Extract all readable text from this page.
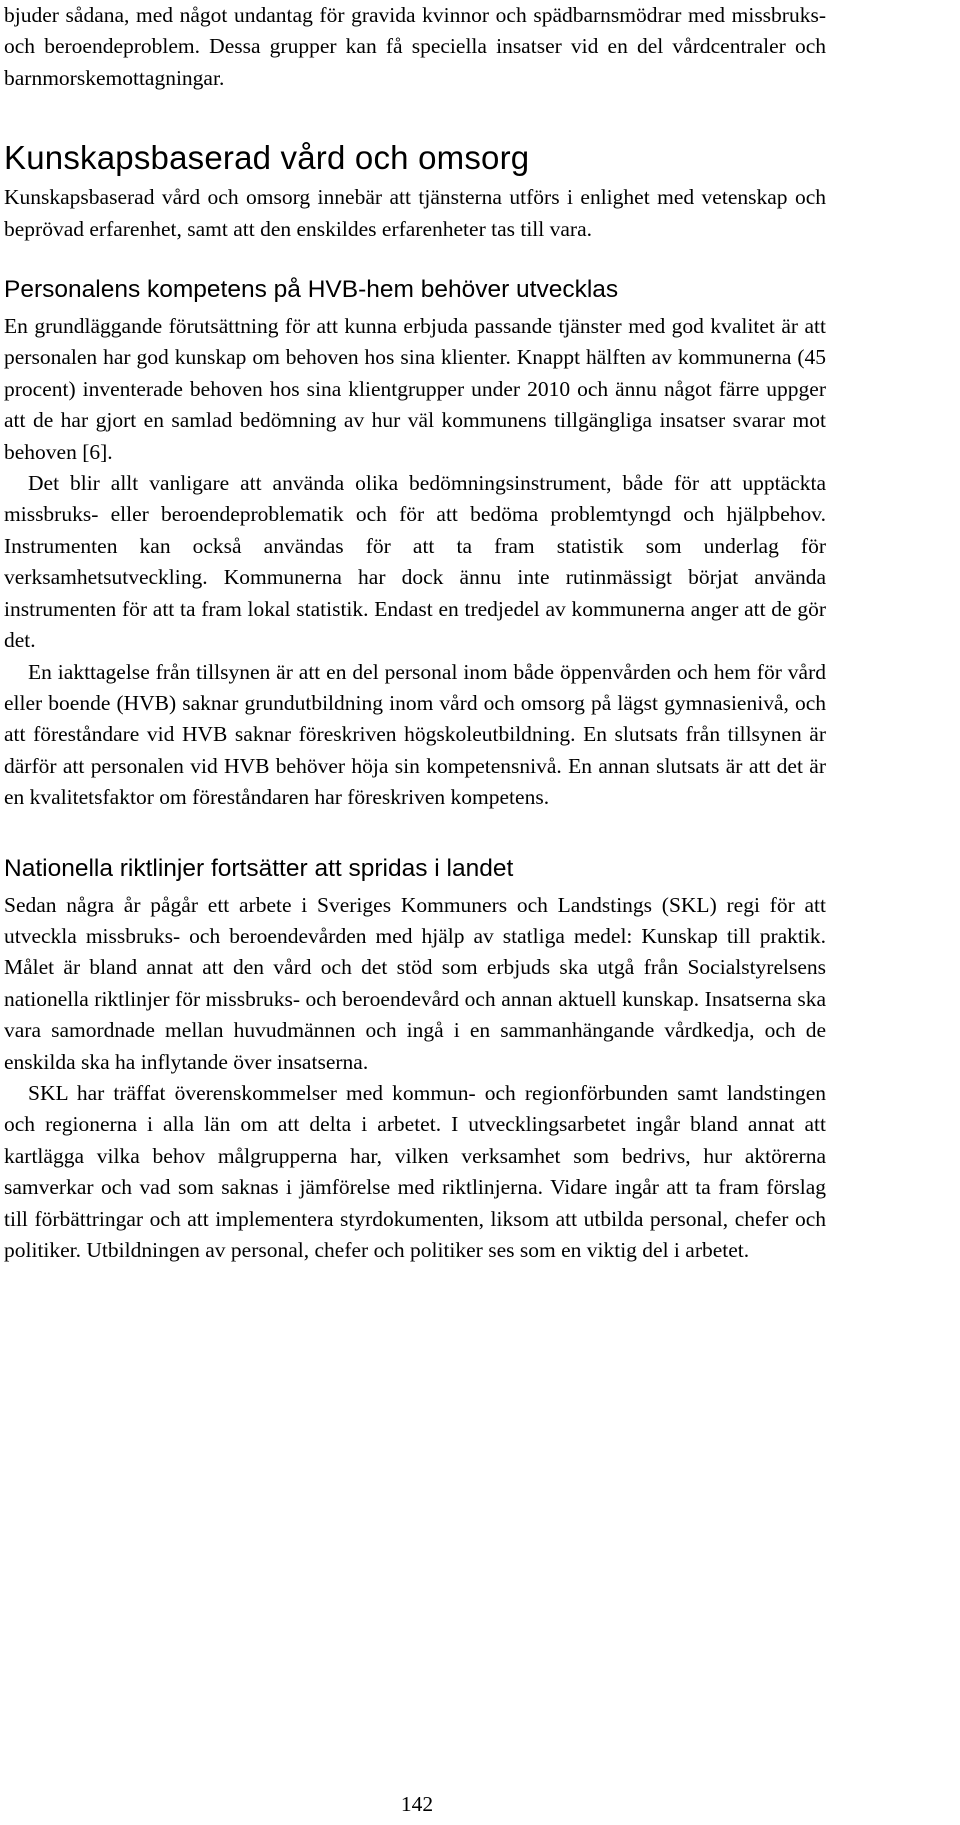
bjuder sådana, med något undantag för gravida kvinnor och spädbarnsmödrar med missbruks- och beroendeproblem. Dessa grupper kan få speciella insatser vid en del vårdcentraler och barnmorskemottagningar.

Kunskapsbaserad vård och omsorg

Kunskapsbaserad vård och omsorg innebär att tjänsterna utförs i enlighet med vetenskap och beprövad erfarenhet, samt att den enskildes erfarenheter tas till vara.

Personalens kompetens på HVB-hem behöver utvecklas

En grundläggande förutsättning för att kunna erbjuda passande tjänster med god kvalitet är att personalen har god kunskap om behoven hos sina klienter. Knappt hälften av kommunerna (45 procent) inventerade behoven hos sina klientgrupper under 2010 och ännu något färre uppger att de har gjort en samlad bedömning av hur väl kommunens tillgängliga insatser svarar mot behoven [6].

Det blir allt vanligare att använda olika bedömningsinstrument, både för att upptäckta missbruks- eller beroendeproblematik och för att bedöma problemtyngd och hjälpbehov. Instrumenten kan också användas för att ta fram statistik som underlag för verksamhetsutveckling. Kommunerna har dock ännu inte rutinmässigt börjat använda instrumenten för att ta fram lokal statistik. Endast en tredjedel av kommunerna anger att de gör det.

En iakttagelse från tillsynen är att en del personal inom både öppenvården och hem för vård eller boende (HVB) saknar grundutbildning inom vård och omsorg på lägst gymnasienivå, och att föreståndare vid HVB saknar föreskriven högskoleutbildning. En slutsats från tillsynen är därför att personalen vid HVB behöver höja sin kompetensnivå. En annan slutsats är att det är en kvalitetsfaktor om föreståndaren har föreskriven kompetens.

Nationella riktlinjer fortsätter att spridas i landet

Sedan några år pågår ett arbete i Sveriges Kommuners och Landstings (SKL) regi för att utveckla missbruks- och beroendevården med hjälp av statliga medel: Kunskap till praktik. Målet är bland annat att den vård och det stöd som erbjuds ska utgå från Socialstyrelsens nationella riktlinjer för missbruks- och beroendevård och annan aktuell kunskap. Insatserna ska vara samordnade mellan huvudmännen och ingå i en sammanhängande vårdkedja, och de enskilda ska ha inflytande över insatserna.

SKL har träffat överenskommelser med kommun- och regionförbunden samt landstingen och regionerna i alla län om att delta i arbetet. I utvecklingsarbetet ingår bland annat att kartlägga vilka behov målgrupperna har, vilken verksamhet som bedrivs, hur aktörerna samverkar och vad som saknas i jämförelse med riktlinjerna. Vidare ingår att ta fram förslag till förbättringar och att implementera styrdokumenten, liksom att utbilda personal, chefer och politiker. Utbildningen av personal, chefer och politiker ses som en viktig del i arbetet.

142
